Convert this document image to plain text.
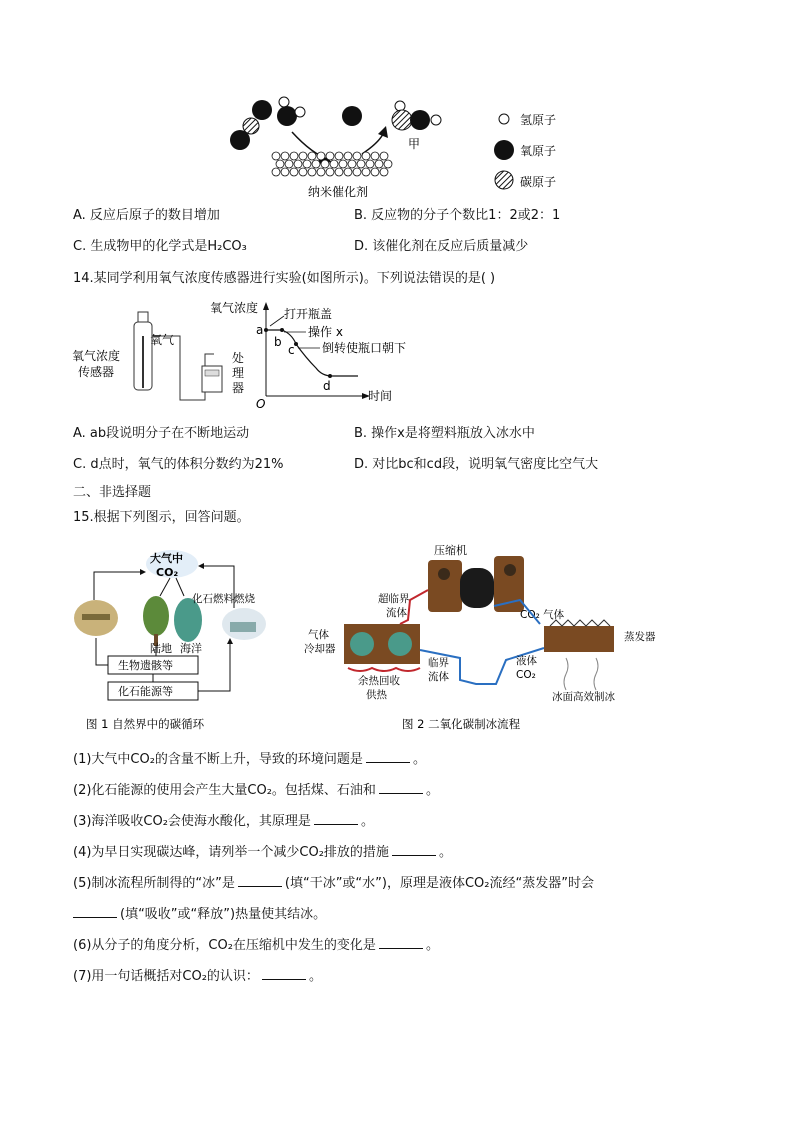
纳米催化剂
甲
氢原子
氧原子
碳原子
A. 反应后原子的数目增加	B. 反应物的分子个数比1：2或2：1
C. 生成物甲的化学式是H₂CO₃	D. 该催化剂在反应后质量减少
14.某同学利用氧气浓度传感器进行实验(如图所示)。下列说法错误的是( )
氧气
氧气浓度
传感器
处
理
器
氧气浓度
时间
O
a
b
c
d
打开瓶盖
操作 x
倒转使瓶口朝下
A. ab段说明分子在不断地运动	B. 操作x是将塑料瓶放入冰水中
C. d点时，氧气的体积分数约为21%	D. 对比bc和cd段，说明氧气密度比空气大
二、非选择题
15.根据下列图示，回答问题。
大气中
CO₂
化石燃料燃烧
陆地 海洋
生物遗骸等
化石能源等
图 1 自然界中的碳循环
压缩机
超临界
流体	CO₂ 气体
气体
冷却器
蒸发器
临界
流体
液体
CO₂
余热回收
供热	冰面高效制冰
图 2 二氧化碳制冰流程
(1)大气中CO₂的含量不断上升，导致的环境问题是	。
(2)化石能源的使用会产生大量CO₂。包括煤、石油和	。
(3)海洋吸收CO₂会使海水酸化，其原理是	。
(4)为早日实现碳达峰，请列举一个减少CO₂排放的措施	。
(5)制冰流程所制得的“冰”是	(填“干冰”或“水”)，原理是液体CO₂流经“蒸发器”时会
(填“吸收”或“释放”)热量使其结冰。
(6)从分子的角度分析，CO₂在压缩机中发生的变化是	。
(7)用一句话概括对CO₂的认识：	。
